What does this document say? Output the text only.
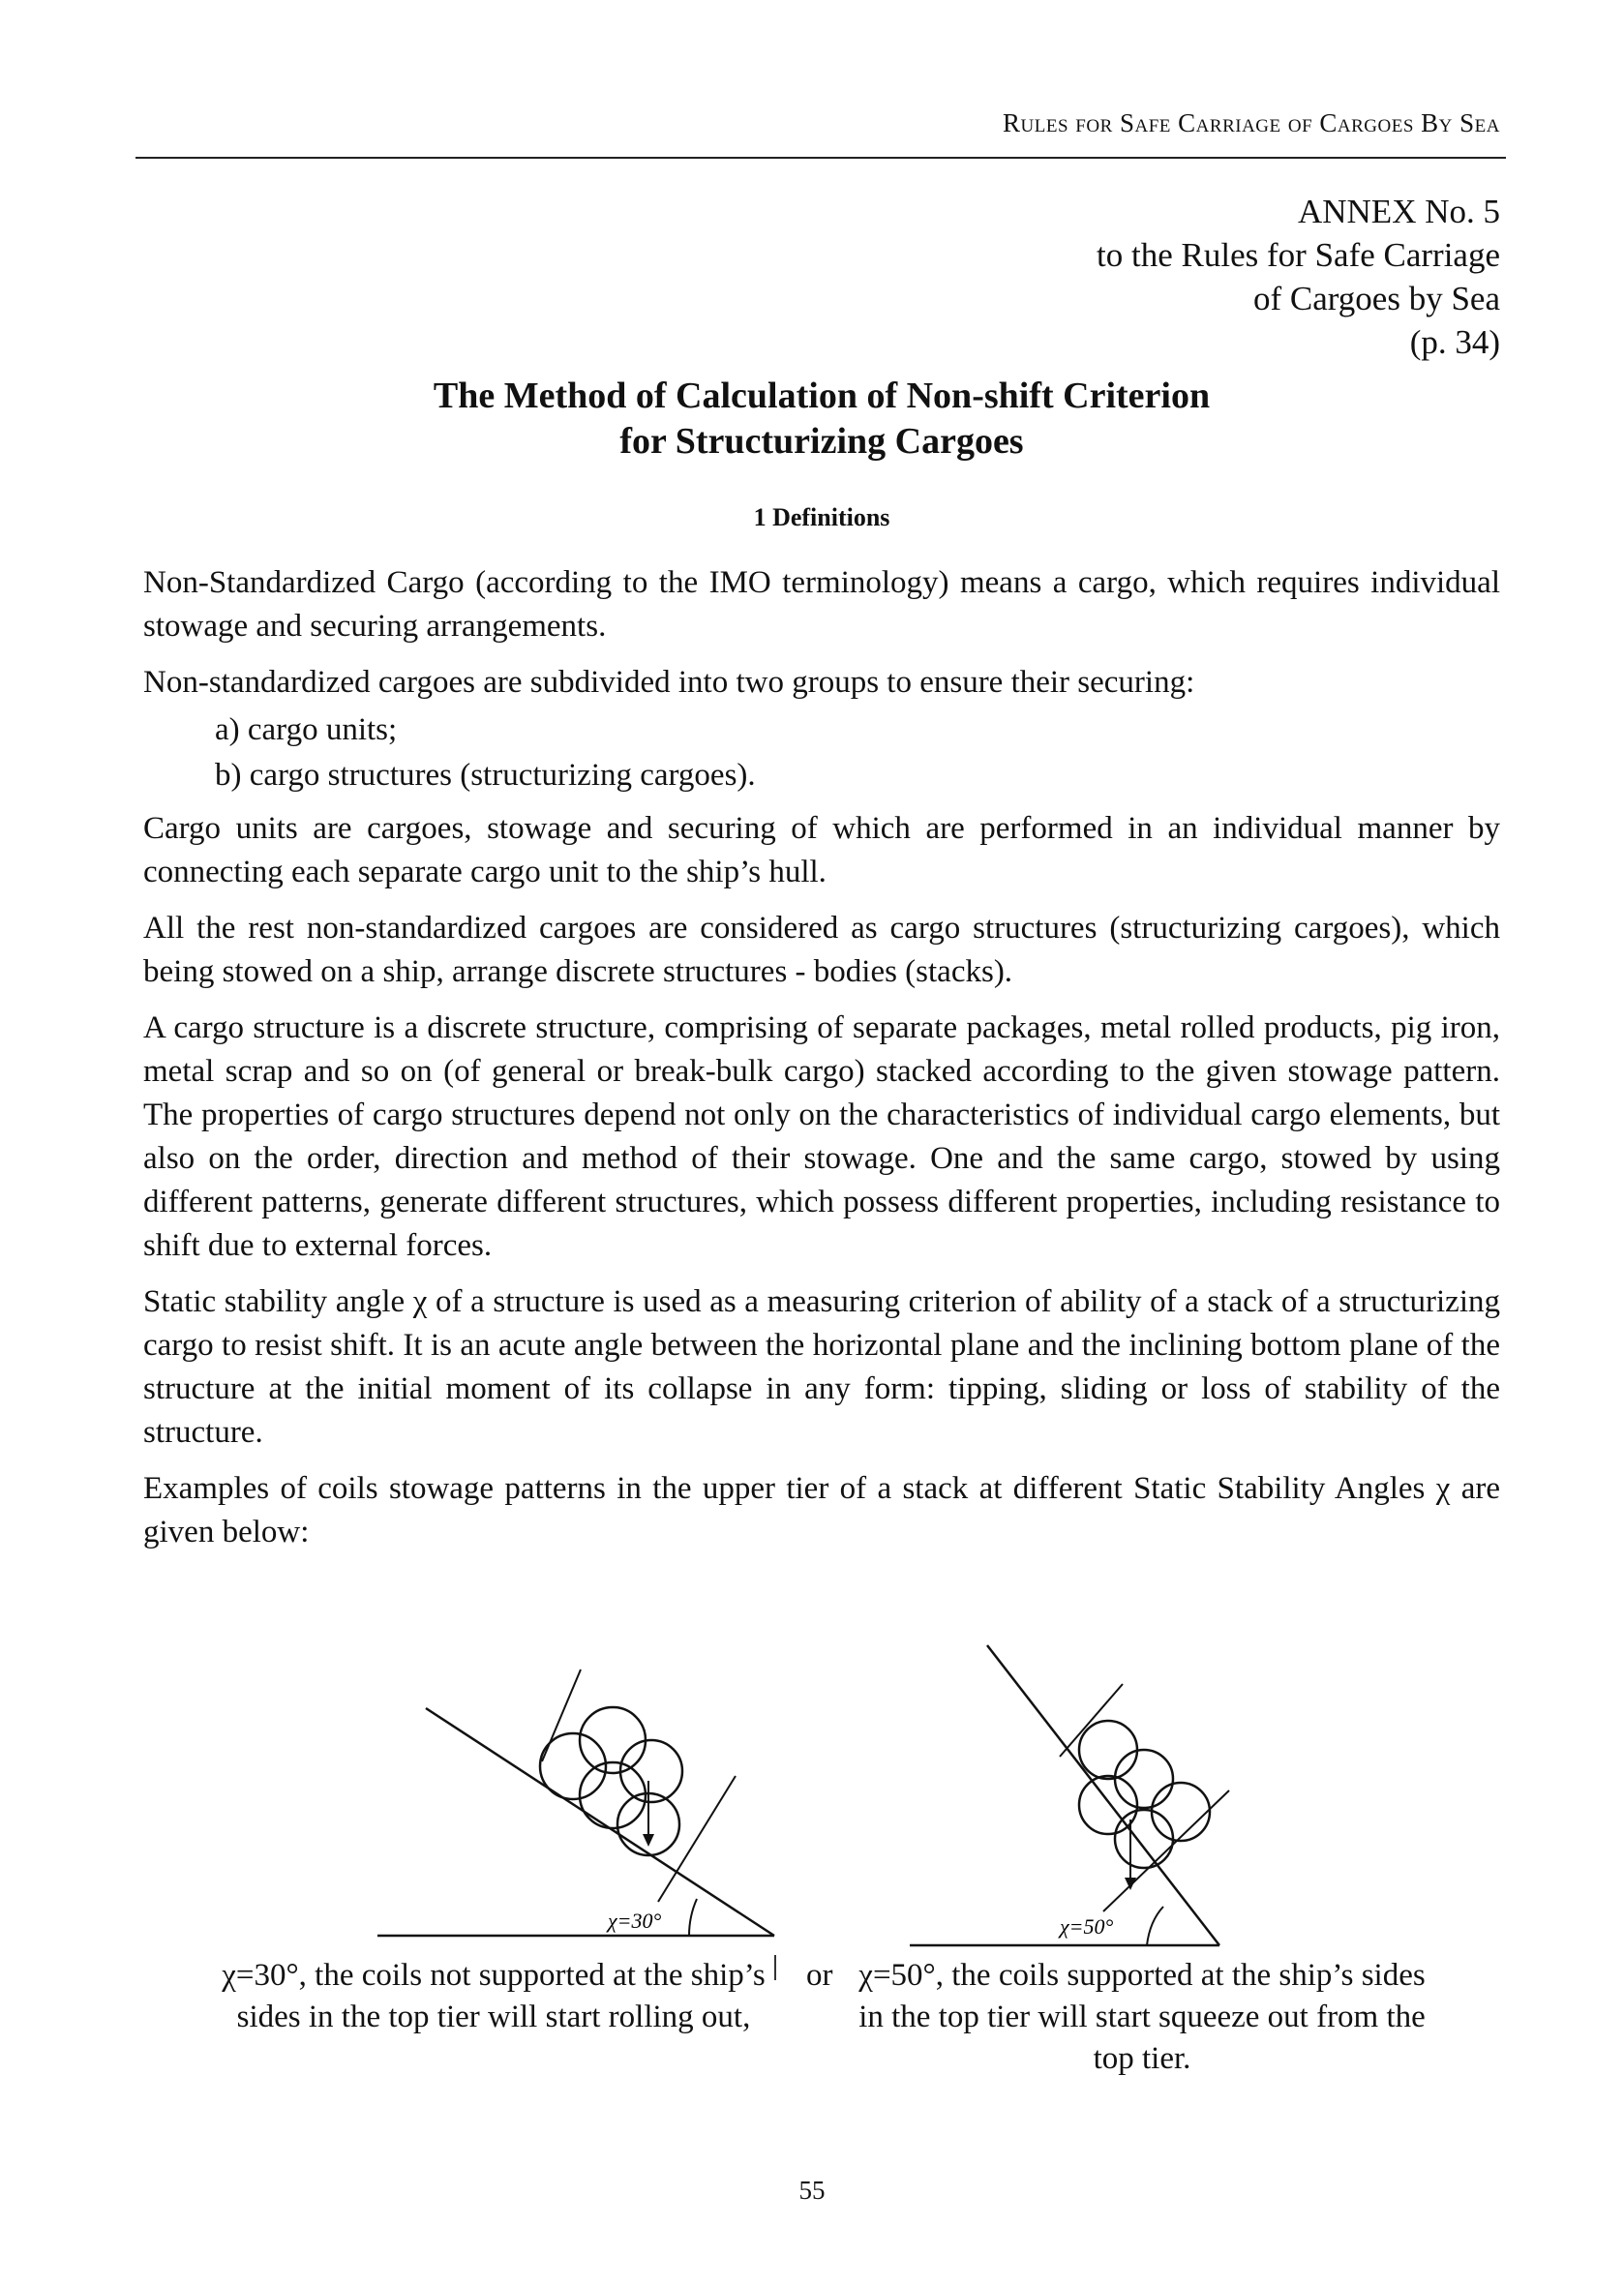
Rules for Safe Carriage of Cargoes By Sea
ANNEX No. 5
to the Rules for Safe Carriage
of Cargoes by Sea
(p. 34)
The Method of Calculation of Non-shift Criterion
for Structurizing Cargoes
1 Definitions

Non-Standardized Cargo (according to the IMO terminology) means a cargo, which requires individual stowage and securing arrangements.

Non-standardized cargoes are subdivided into two groups to ensure their securing:

a) cargo units;

b) cargo structures (structurizing cargoes).

Cargo units are cargoes, stowage and securing of which are performed in an individual manner by connecting each separate cargo unit to the ship’s hull.

All the rest non-standardized cargoes are considered as cargo structures (structurizing cargoes), which being stowed on a ship, arrange discrete structures - bodies (stacks).

A cargo structure is a discrete structure, comprising of separate packages, metal rolled products, pig iron, metal scrap and so on (of general or break-bulk cargo) stacked according to the given stowage pattern. The properties of cargo structures depend not only on the characteristics of individual cargo elements, but also on the order, direction and method of their stowage. One and the same cargo, stowed by using different patterns, generate different structures, which possess different properties, including resistance to shift due to external forces.

Static stability angle χ of a structure is used as a measuring criterion of ability of a stack of a structurizing cargo to resist shift. It is an acute angle between the horizontal plane and the inclining bottom plane of the structure at the initial moment of its collapse in any form: tipping, sliding or loss of stability of the structure.

Examples of coils stowage patterns in the upper tier of a stack at different Static Stability Angles χ are given below:

χ=30°	χ=50°
χ=30°, the coils not supported at the ship’s sides in the top tier will start rolling out,
or χ=50°, the coils supported at the ship’s sides in the top tier will start squeeze out from the top tier.
55
